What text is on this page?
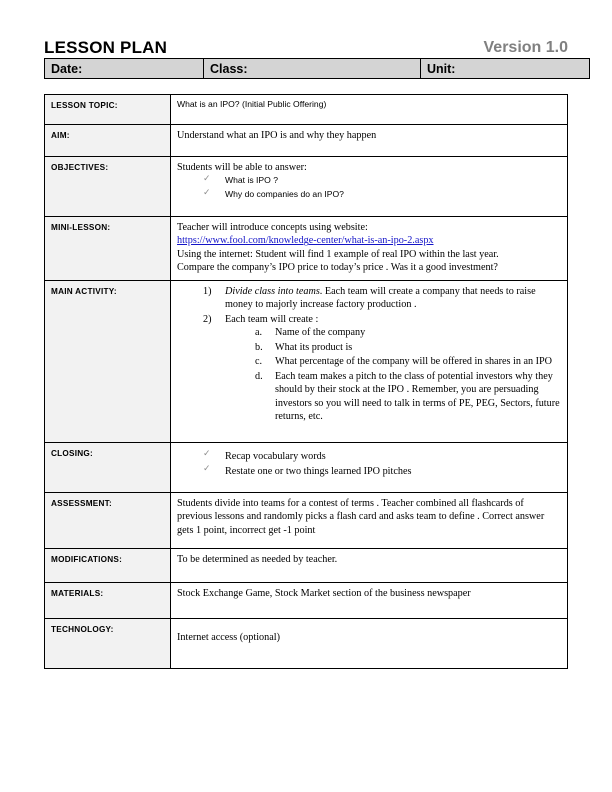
LESSON PLAN	Version 1.0
Date:	Class:	Unit:
LESSON TOPIC:	What is an IPO? (Initial Public Offering)
AIM:	Understand what an IPO is and why they happen
OBJECTIVES:	Students will be able to answer:

✓ What is IPO ?
✓ Why do companies do an IPO?

MINI-LESSON:	Teacher will introduce concepts using website:

https://www.fool.com/knowledge-center/what-is-an-ipo-2.aspx

Using the internet: Student will find 1 example of real IPO within the last year.

Compare the company’s IPO price to today’s price . Was it a good investment?

MAIN ACTIVITY:	Divide class into teams. Each team will create a company that needs to raise money to majorly increase factory production .
Each team will create :
Name of the company
What its product is
What percentage of the company will be offered in shares in an IPO
Each team makes a pitch to the class of potential investors why they should by their stock at the IPO . Remember, you are persuading investors so you will need to talk in terms of PE, PEG, Sectors, future returns, etc.

CLOSING:	✓ Recap vocabulary words
✓ Restate one or two things learned IPO pitches

ASSESSMENT:	Students divide into teams for a contest of terms . Teacher combined all flashcards of previous lessons and randomly picks a flash card and asks team to define . Correct answer gets 1 point, incorrect get -1 point
MODIFICATIONS:	To be determined as needed by teacher.
MATERIALS:	Stock Exchange Game, Stock Market section of the business newspaper
TECHNOLOGY:	Internet access (optional)
